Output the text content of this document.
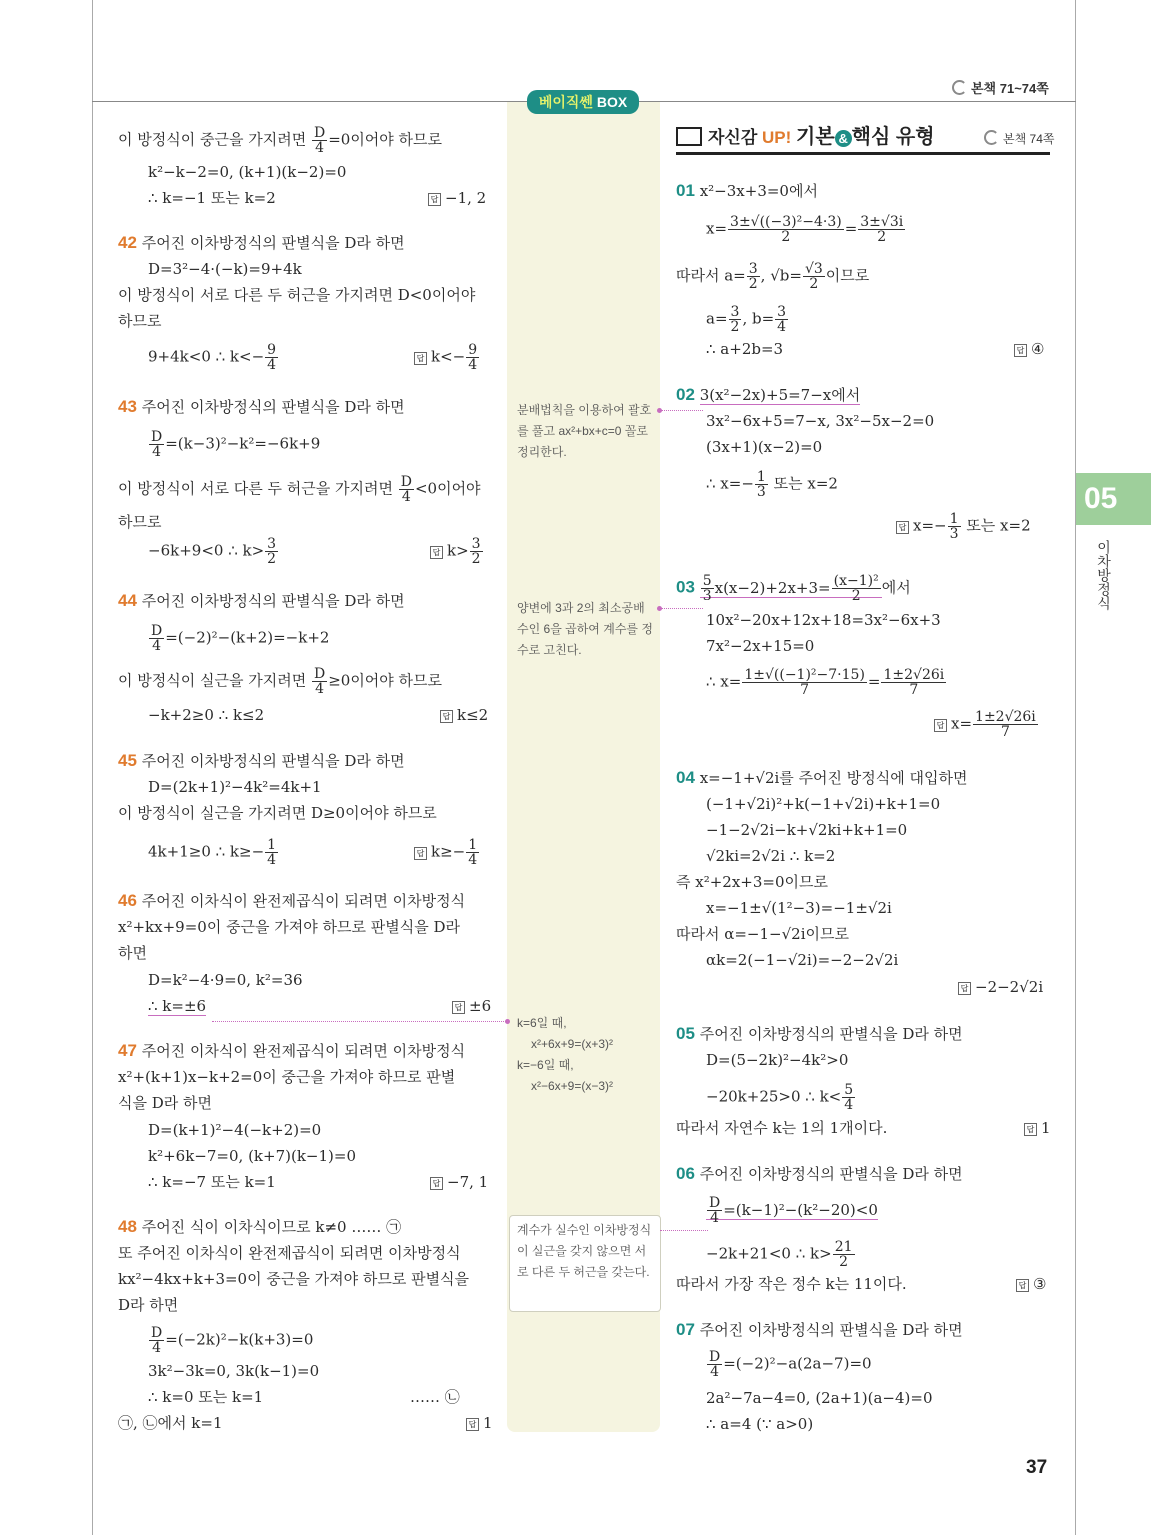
본책 71~74쪽
베이직쎈 BOX
05
이차방정식
37
이 방정식이 중근을 가지려면 $\frac{D}{4} =0$이어야 하므로
k²−k−2=0, (k+1)(k−2)=0
∴ k=−1 또는 k=2	답 −1, 2
42 주어진 이차방정식의 판별식을 D라 하면
D=3²−4·(−k)=9+4k
이 방정식이 서로 다른 두 허근을 가지려면 D<0이어야
하므로
9+4k<0 ∴ $k<- \frac{9}{4}$	답 $k<- \frac{9}{4}$
43 주어진 이차방정식의 판별식을 D라 하면
$\frac{D}{4} =(k-3)^2-k^2=-6k+9$
이 방정식이 서로 다른 두 허근을 가지려면 $\frac{D}{4} <0$이어야
하므로
−6k+9<0 ∴ $k> \frac{3}{2}$	답 $k> \frac{3}{2}$
44 주어진 이차방정식의 판별식을 D라 하면
$\frac{D}{4} =(-2)^2-(k+2)=-k+2$
이 방정식이 실근을 가지려면 $\frac{D}{4} \ge 0$이어야 하므로
−k+2≥0 ∴ k≤2	답 k≤2
45 주어진 이차방정식의 판별식을 D라 하면
D=(2k+1)²−4k²=4k+1
이 방정식이 실근을 가지려면 D≥0이어야 하므로
4k+1≥0 ∴ $k\ge- \frac{1}{4}$	답 $k\ge- \frac{1}{4}$
46 주어진 이차식이 완전제곱식이 되려면 이차방정식
x²+kx+9=0이 중근을 가져야 하므로 판별식을 D라
하면
D=k²−4·9=0, k²=36
∴ k=±6	답 ±6
47 주어진 이차식이 완전제곱식이 되려면 이차방정식
x²+(k+1)x−k+2=0이 중근을 가져야 하므로 판별
식을 D라 하면
D=(k+1)²−4(−k+2)=0
k²+6k−7=0, (k+7)(k−1)=0
∴ k=−7 또는 k=1	답 −7, 1
48 주어진 식이 이차식이므로 k≠0 …… ㉠
또 주어진 이차식이 완전제곱식이 되려면 이차방정식
kx²−4kx+k+3=0이 중근을 가져야 하므로 판별식을
D라 하면
$\frac{D}{4} =(-2k)^2-k(k+3)=0$
3k²−3k=0, 3k(k−1)=0
∴ k=0 또는 k=1	…… ㉡
㉠, ㉡에서 k=1	답 1
분배법칙을 이용하여 괄호를 풀고 ax²+bx+c=0 꼴로 정리한다.
양변에 3과 2의 최소공배수인 6을 곱하여 계수를 정수로 고친다.
k=6일 때,
x²+6x+9=(x+3)²
k=−6일 때,
x²−6x+9=(x−3)²
계수가 실수인 이차방정식이 실근을 갖지 않으면 서로 다른 두 허근을 갖는다.
자신감 UP! 기본 & 핵심 유형	본책 74쪽
01 x²−3x+3=0에서
$x= \frac{\text{3±√((−3)²−4·3)}}{2} = \frac{3\pm√3i}{2}$
따라서 $a= \frac{3}{2}$ , $√b= \frac{√3}{2}$ 이므로
$a= \frac{3}{2}$ , $b= \frac{3}{4}$
∴ a+2b=3	답 ④
02 3(x²−2x)+5=7−x에서
3x²−6x+5=7−x, 3x²−5x−2=0
(3x+1)(x−2)=0
∴ $x=- \frac{1}{3}$ 또는 x=2
답 $x=- \frac{1}{3}$ 또는 x=2
$03 \frac{5}{3} x(x-2)+2x+3= \frac{\text{(x−1)²}}{2}$ 에서
10x²−20x+12x+18=3x²−6x+3
7x²−2x+15=0
∴ $x= \frac{\text{1±√((−1)²−7·15)}}{7} = \frac{1\pm 2√26i}{7}$
답 $x= \frac{1\pm 2√26i}{7}$
04 x=−1+√2i를 주어진 방정식에 대입하면
(−1+√2i)²+k(−1+√2i)+k+1=0
−1−2√2i−k+√2ki+k+1=0
√2ki=2√2i ∴ k=2
즉 x²+2x+3=0이므로
x=−1±√(1²−3)=−1±√2i
따라서 α=−1−√2i이므로
αk=2(−1−√2i)=−2−2√2i
답 −2−2√2i
05 주어진 이차방정식의 판별식을 D라 하면
D=(5−2k)²−4k²>0
−20k+25>0 ∴ $k< \frac{5}{4}$
따라서 자연수 k는 1의 1개이다.	답 1
06 주어진 이차방정식의 판별식을 D라 하면
$\frac{D}{4} =(k-1)^2-(k^2-20)<0$
−2k+21<0 ∴ $k> \frac{21}{2}$
따라서 가장 작은 정수 k는 11이다.	답 ③
07 주어진 이차방정식의 판별식을 D라 하면
$\frac{D}{4} =(-2)^2-a(2a-7)=0$
2a²−7a−4=0, (2a+1)(a−4)=0
∴ a=4 (∵ a>0)
